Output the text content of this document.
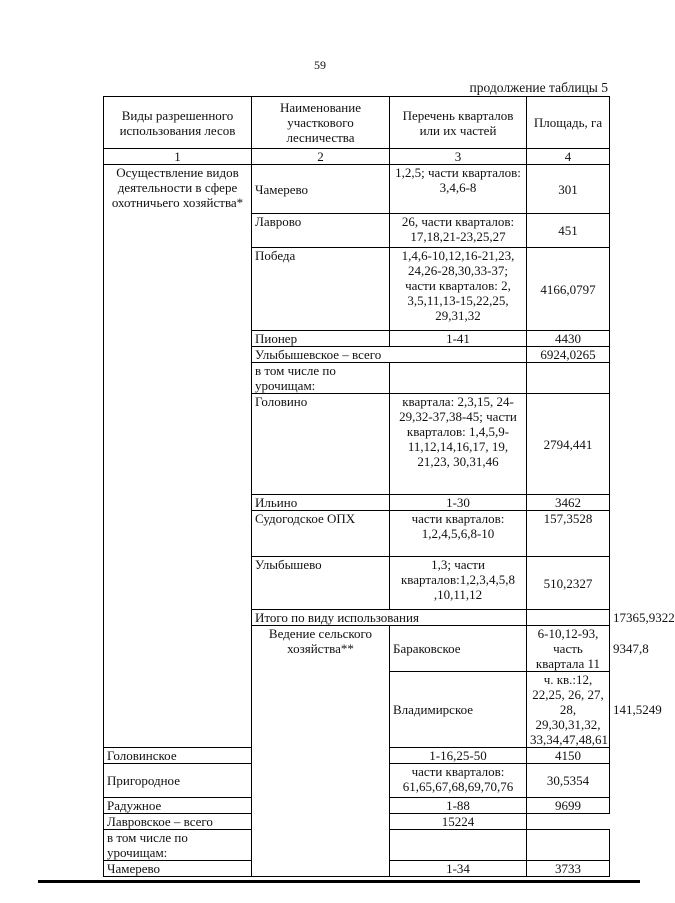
59
продолжение таблицы 5
Виды разрешенного использования лесов	Наименование участкового лесничества	Перечень кварталов или их частей	Площадь, га	
1	2	3	4	
Осуществление видов деятельности в сфере охотничьего хозяйства*	Чамерево	1,2,5; части кварталов: 3,4,6-8	301	
	Лаврово	26, части кварталов: 17,18,21-23,25,27	451	
	Победа	1,4,6-10,12,16-21,23, 24,26-28,30,33-37; части кварталов: 2, 3,5,11,13-15,22,25, 29,31,32	4166,0797	
	Пионер	1-41	4430	
	Улыбышевское – всего		6924,0265	
	в том числе по урочищам:			
	Головино	квартала: 2,3,15, 24-29,32-37,38-45; части кварталов: 1,4,5,9- 11,12,14,16,17, 19, 21,23, 30,31,46	2794,441	
	Ильино	1-30	3462	
	Судогодское ОПХ	части кварталов: 1,2,4,5,6,8-10	157,3528	
	Улыбышево	1,3; части кварталов:1,2,3,4,5,8 ,10,11,12	510,2327	
	Итого по виду использования			17365,9322
	Ведение сельского хозяйства**	Бараковское	6-10,12-93, часть квартала 11	9347,8
		Владимирское	ч. кв.:12, 22,25, 26, 27, 28, 29,30,31,32, 33,34,47,48,61	141,5249
Головинское		1-16,25-50	4150	
Пригородное		части кварталов: 61,65,67,68,69,70,76	30,5354	
Радужное		1-88	9699	
Лавровское – всего		15224		
в том числе по урочищам:				
Чамерево		1-34	3733	
